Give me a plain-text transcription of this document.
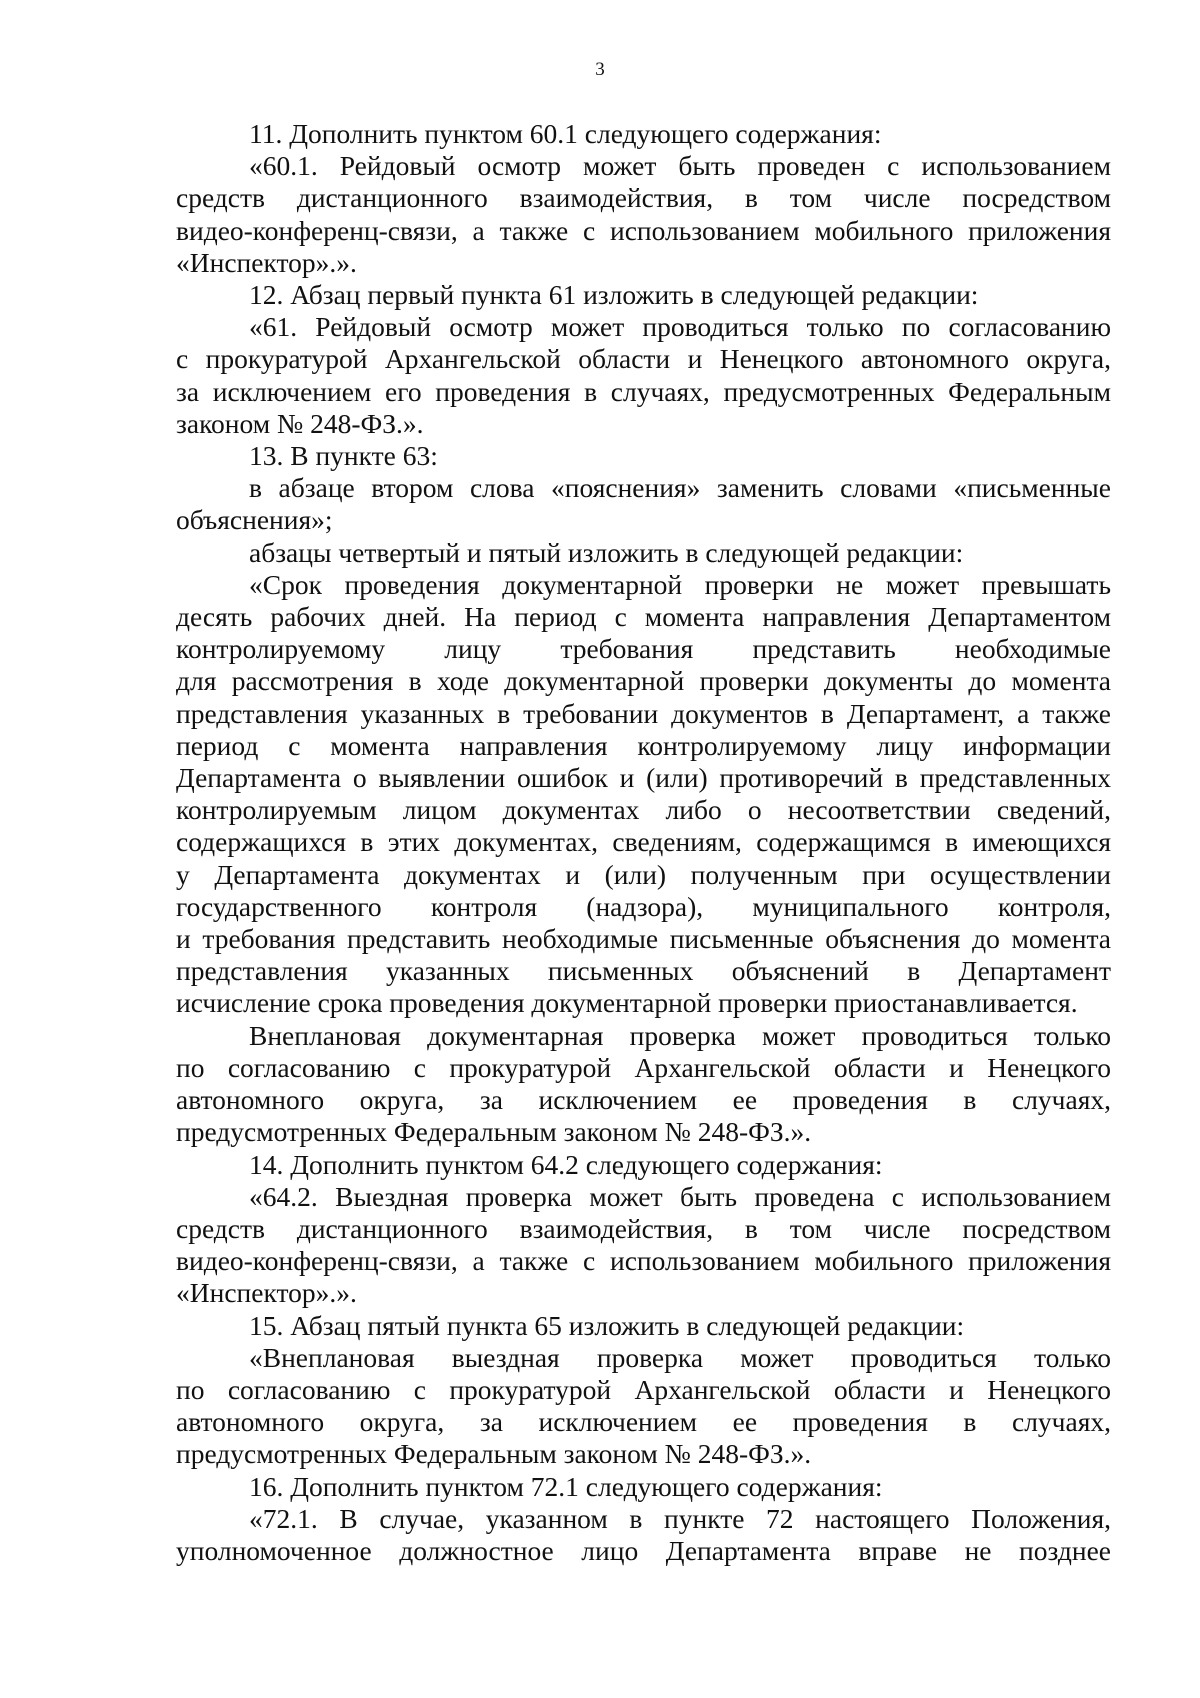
3
11. Дополнить пунктом 60.1 следующего содержания:
«60.1. Рейдовый осмотр может быть проведен с использованием
средств дистанционного взаимодействия, в том числе посредством
видео-конференц-связи, а также с использованием мобильного приложения
«Инспектор».».
12. Абзац первый пункта 61 изложить в следующей редакции:
«61. Рейдовый осмотр может проводиться только по согласованию
с прокуратурой Архангельской области и Ненецкого автономного округа,
за исключением его проведения в случаях, предусмотренных Федеральным
законом № 248-ФЗ.».
13. В пункте 63:
в абзаце втором слова «пояснения» заменить словами «письменные
объяснения»;
абзацы четвертый и пятый изложить в следующей редакции:
«Срок проведения документарной проверки не может превышать
десять рабочих дней. На период с момента направления Департаментом
контролируемому лицу требования представить необходимые
для рассмотрения в ходе документарной проверки документы до момента
представления указанных в требовании документов в Департамент, а также
период с момента направления контролируемому лицу информации
Департамента о выявлении ошибок и (или) противоречий в представленных
контролируемым лицом документах либо о несоответствии сведений,
содержащихся в этих документах, сведениям, содержащимся в имеющихся
у Департамента документах и (или) полученным при осуществлении
государственного контроля (надзора), муниципального контроля,
и требования представить необходимые письменные объяснения до момента
представления указанных письменных объяснений в Департамент
исчисление срока проведения документарной проверки приостанавливается.
Внеплановая документарная проверка может проводиться только
по согласованию с прокуратурой Архангельской области и Ненецкого
автономного округа, за исключением ее проведения в случаях,
предусмотренных Федеральным законом № 248-ФЗ.».
14. Дополнить пунктом 64.2 следующего содержания:
«64.2. Выездная проверка может быть проведена с использованием
средств дистанционного взаимодействия, в том числе посредством
видео-конференц-связи, а также с использованием мобильного приложения
«Инспектор».».
15. Абзац пятый пункта 65 изложить в следующей редакции:
«Внеплановая выездная проверка может проводиться только
по согласованию с прокуратурой Архангельской области и Ненецкого
автономного округа, за исключением ее проведения в случаях,
предусмотренных Федеральным законом № 248-ФЗ.».
16. Дополнить пунктом 72.1 следующего содержания:
«72.1. В случае, указанном в пункте 72 настоящего Положения,
уполномоченное должностное лицо Департамента вправе не позднее
